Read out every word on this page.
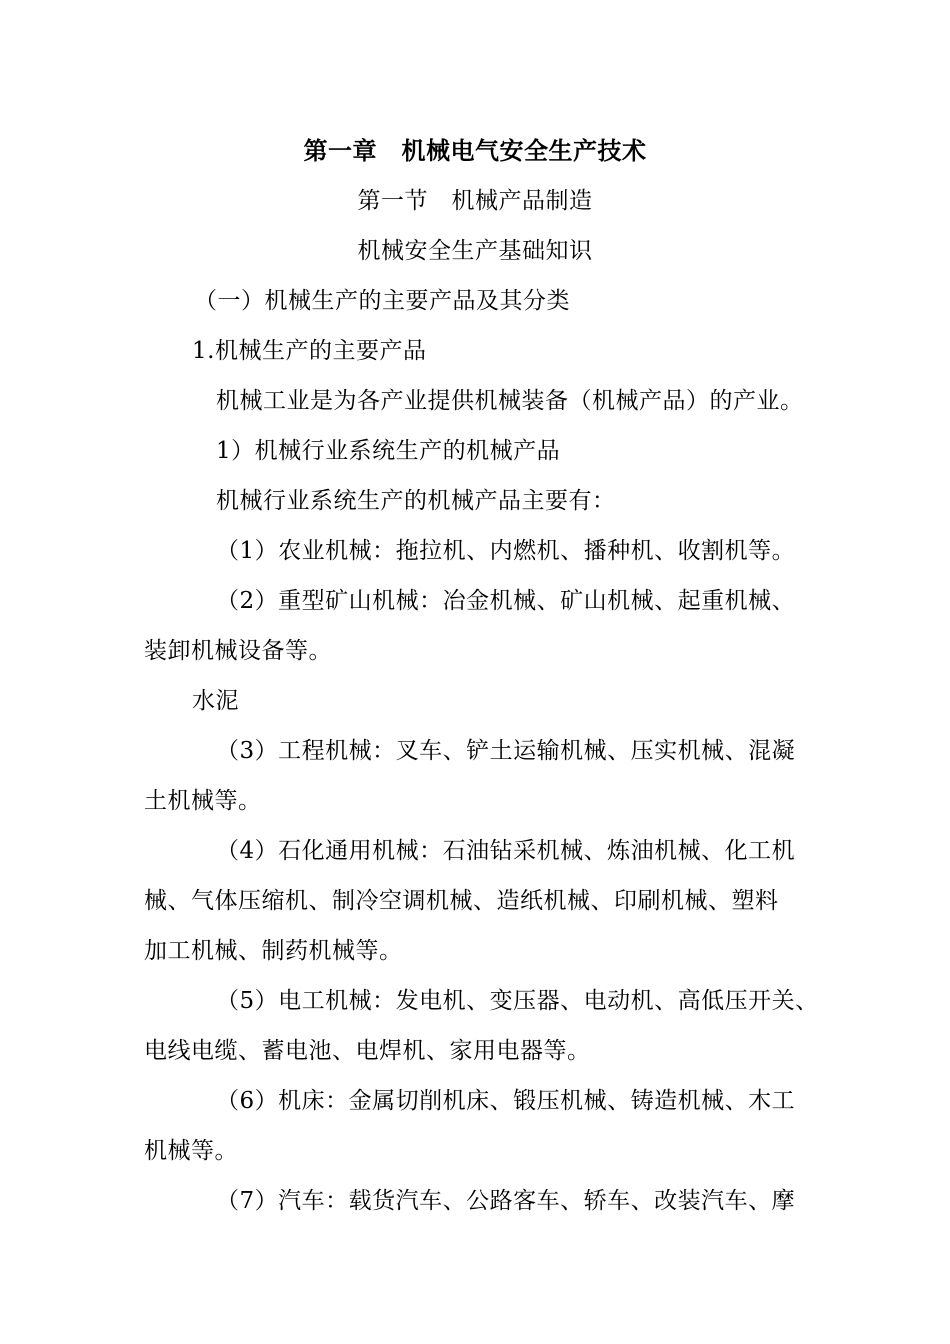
第一章　机械电气安全生产技术
第一节　机械产品制造
机械安全生产基础知识
（一）机械生产的主要产品及其分类
1.机械生产的主要产品
机械工业是为各产业提供机械装备（机械产品）的产业。
1）机械行业系统生产的机械产品
机械行业系统生产的机械产品主要有：
（1）农业机械：拖拉机、内燃机、播种机、收割机等。
（2）重型矿山机械：冶金机械、矿山机械、起重机械、
装卸机械设备等。
水泥
（3）工程机械：叉车、铲土运输机械、压实机械、混凝
土机械等。
（4）石化通用机械：石油钻采机械、炼油机械、化工机
械、气体压缩机、制冷空调机械、造纸机械、印刷机械、塑料
加工机械、制药机械等。
（5）电工机械：发电机、变压器、电动机、高低压开关、
电线电缆、蓄电池、电焊机、家用电器等。
（6）机床：金属切削机床、锻压机械、铸造机械、木工
机械等。
（7）汽车：载货汽车、公路客车、轿车、改装汽车、摩
